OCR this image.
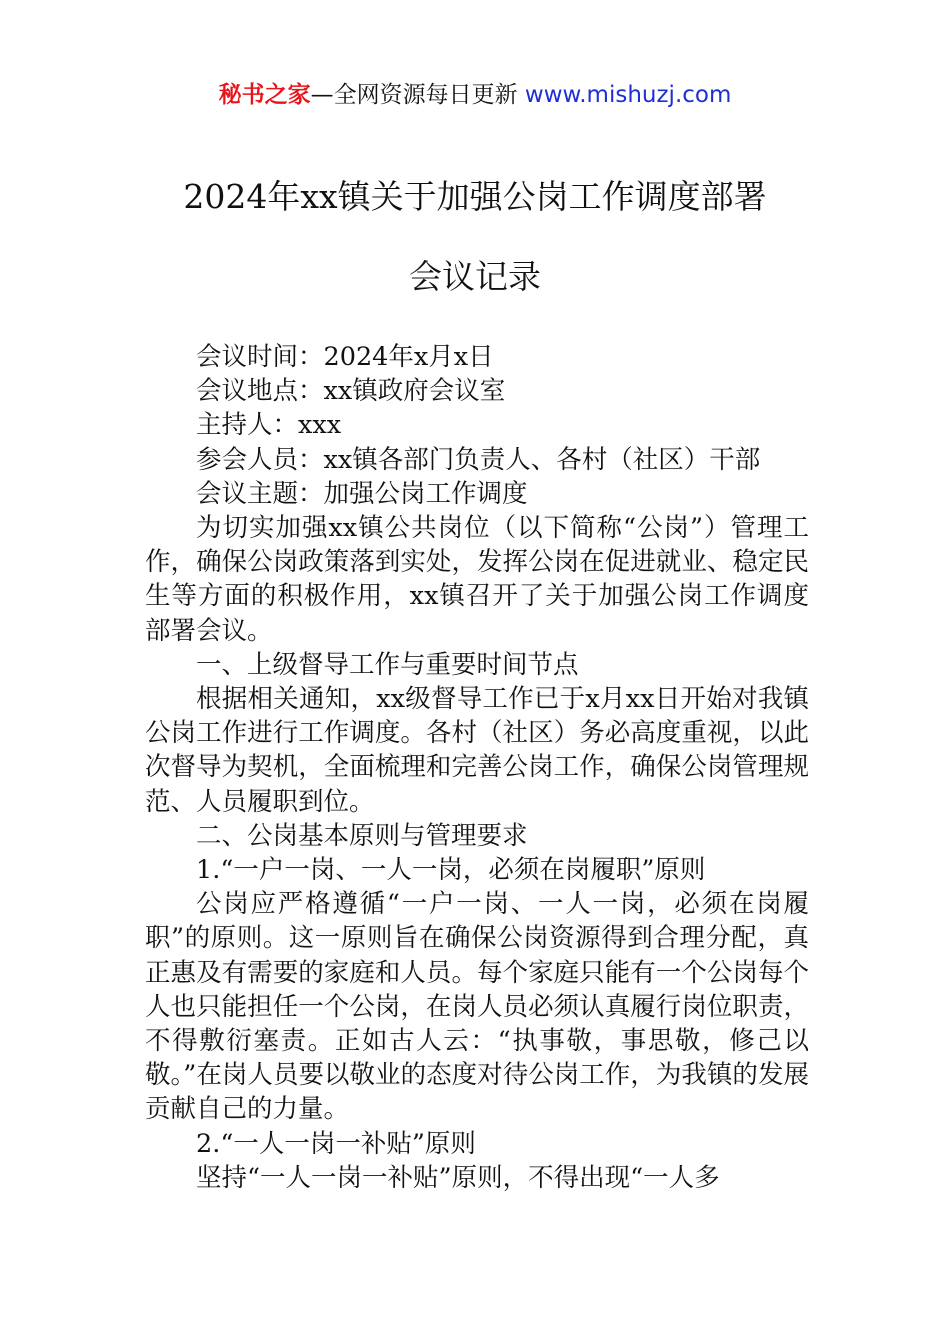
秘书之家—全网资源每日更新 www.mishuzj.com
2024年xx镇关于加强公岗工作调度部署
会议记录

会议时间：2024年x月x日

会议地点：xx镇政府会议室

主持人：xxx

参会人员：xx镇各部门负责人、各村（社区）干部

会议主题：加强公岗工作调度

为切实加强xx镇公共岗位（以下简称“公岗”）管理工作，确保公岗政策落到实处，发挥公岗在促进就业、稳定民生等方面的积极作用，xx镇召开了关于加强公岗工作调度部署会议。

一、上级督导工作与重要时间节点

根据相关通知，xx级督导工作已于x月xx日开始对我镇公岗工作进行工作调度。各村（社区）务必高度重视，以此次督导为契机，全面梳理和完善公岗工作，确保公岗管理规范、人员履职到位。

二、公岗基本原则与管理要求

1.“一户一岗、一人一岗，必须在岗履职”原则

公岗应严格遵循“一户一岗、一人一岗，必须在岗履职”的原则。这一原则旨在确保公岗资源得到合理分配，真正惠及有需要的家庭和人员。每个家庭只能有一个公岗每个人也只能担任一个公岗，在岗人员必须认真履行岗位职责，不得敷衍塞责。正如古人云：“执事敬，事思敬，修己以敬。”在岗人员要以敬业的态度对待公岗工作，为我镇的发展贡献自己的力量。

2.“一人一岗一补贴”原则

坚持“一人一岗一补贴”原则，不得出现“一人多
